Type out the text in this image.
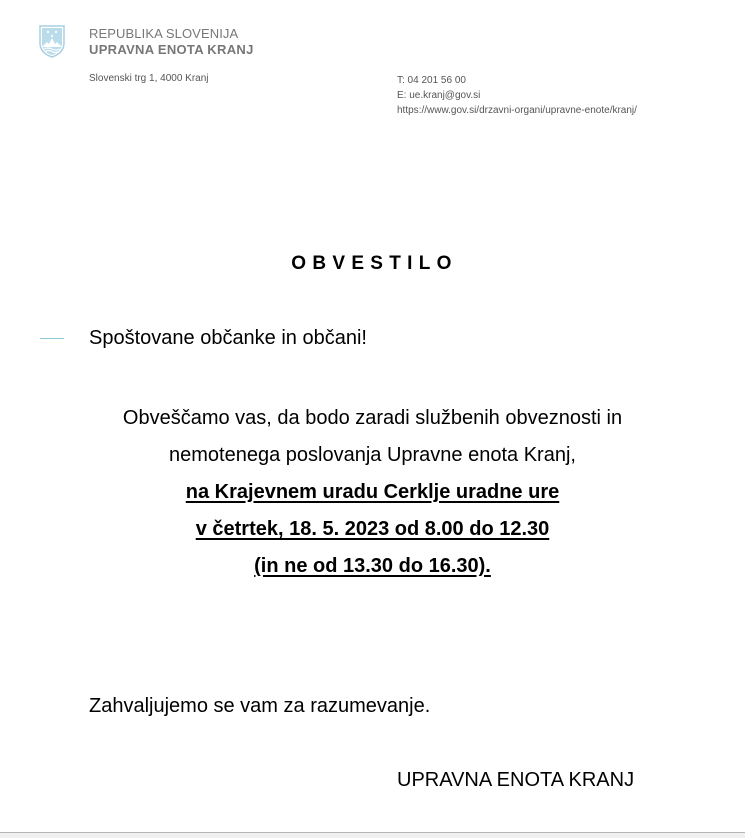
REPUBLIKA SLOVENIJA
UPRAVNA ENOTA KRANJ
Slovenski trg 1, 4000 Kranj	T: 04 201 56 00
E: ue.kranj@gov.si
https://www.gov.si/drzavni-organi/upravne-enote/kranj/
OBVESTILO
Spoštovane občanke in občani!
Obveščamo vas, da bodo zaradi službenih obveznosti in
nemotenega poslovanja Upravne enota Kranj,
na Krajevnem uradu Cerklje uradne ure
v četrtek, 18. 5. 2023 od 8.00 do 12.30
(in ne od 13.30 do 16.30).
Zahvaljujemo se vam za razumevanje.
UPRAVNA ENOTA KRANJ
